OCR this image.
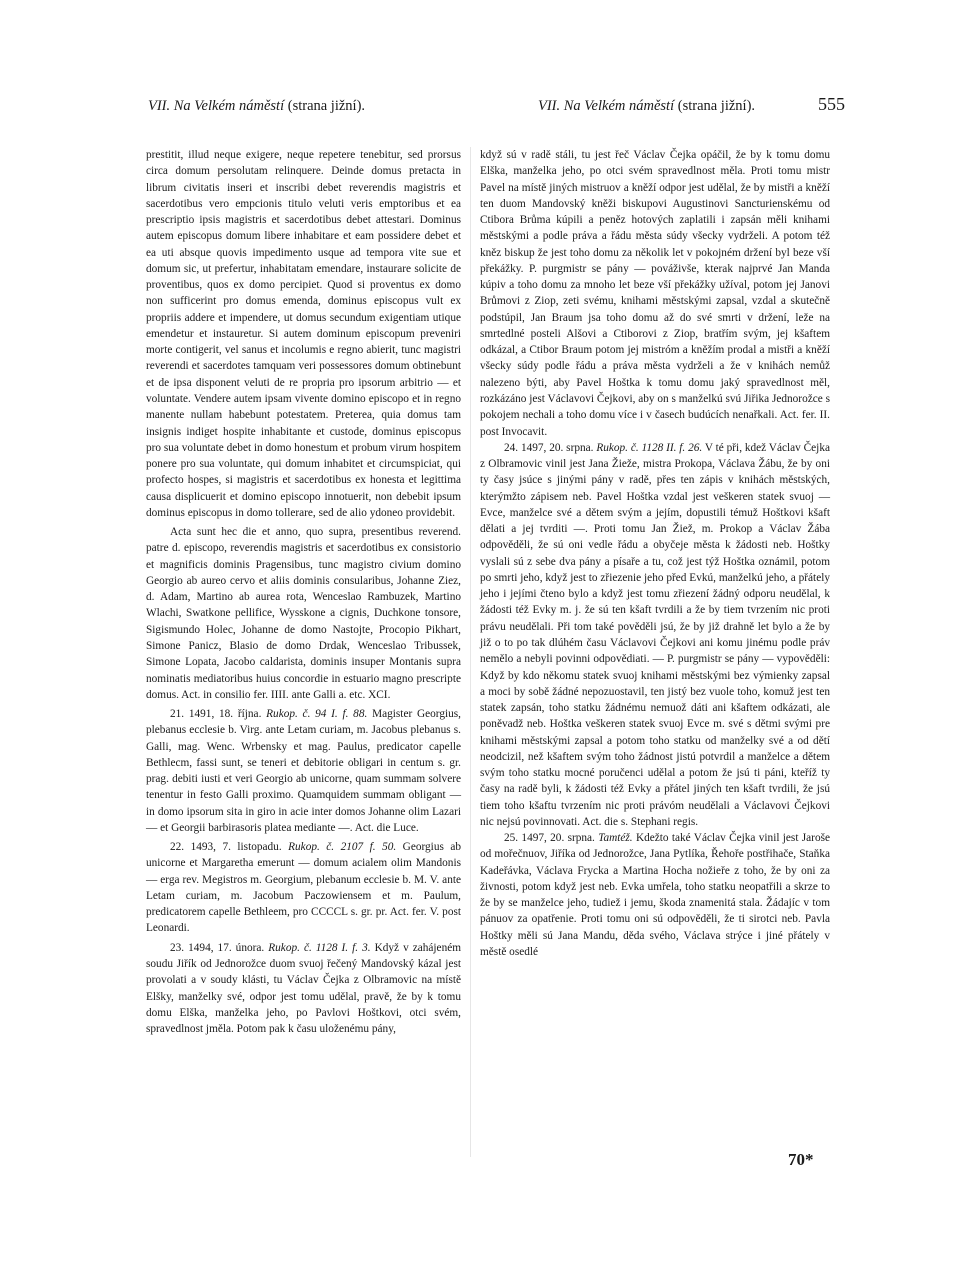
VII. Na Velkém náměstí (strana jižní).	VII. Na Velkém náměstí (strana jižní).	555

prestitit, illud neque exigere, neque repetere tenebitur, sed prorsus circa domum persolutam relinquere. Deinde domus pretacta in librum civitatis inseri et inscribi debet reverendis magistris et sacerdotibus vero empcionis titulo veluti veris emptoribus et ea prescriptio ipsis magistris et sacerdotibus debet attestari. Dominus autem episcopus domum libere inhabitare et eam possidere debet et ea uti absque quovis impedimento usque ad tempora vite sue et domum sic, ut prefertur, inhabitatam emendare, instaurare solicite de proventibus, quos ex domo percipiet. Quod si proventus ex domo non sufficerint pro domus emenda, dominus episcopus vult ex propriis addere et impendere, ut domus secundum exigentiam utique emendetur et instauretur. Si autem dominum episcopum preveniri morte contigerit, vel sanus et incolumis e regno abierit, tunc magistri reverendi et sacerdotes tamquam veri possessores domum obtinebunt et de ipsa disponent veluti de re propria pro ipsorum arbitrio — et voluntate. Vendere autem ipsam vivente domino episcopo et in regno manente nullam habebunt potestatem. Preterea, quia domus tam insignis indiget hospite inhabitante et custode, dominus episcopus pro sua voluntate debet in domo honestum et probum virum hospitem ponere pro sua voluntate, qui domum inhabitet et circumspiciat, qui profecto hospes, si magistris et sacerdotibus ex honesta et legittima causa displicuerit et domino episcopo innotuerit, non debebit ipsum dominus episcopus in domo tollerare, sed de alio ydoneo providebit.

Acta sunt hec die et anno, quo supra, presentibus reverend. patre d. episcopo, reverendis magistris et sacerdotibus ex consistorio et magnificis dominis Pragensibus, tunc magistro civium domino Georgio ab aureo cervo et aliis dominis consularibus, Johanne Ziez, d. Adam, Martino ab aurea rota, Wenceslao Rambuzek, Martino Wlachi, Swatkone pellifice, Wysskone a cignis, Duchkone tonsore, Sigismundo Holec, Johanne de domo Nastojte, Procopio Pikhart, Simone Panicz, Blasio de domo Drdak, Wenceslao Tribussek, Simone Lopata, Jacobo caldarista, dominis insuper Montanis supra nominatis mediatoribus huius concordie in estuario magno prescripte domus. Act. in consilio fer. IIII. ante Galli a. etc. XCI.

21. 1491, 18. října. Rukop. č. 94 I. f. 88. Magister Georgius, plebanus ecclesie b. Virg. ante Letam curiam, m. Jacobus plebanus s. Galli, mag. Wenc. Wrbensky et mag. Paulus, predicator capelle Bethlecm, fassi sunt, se teneri et debitorie obligari in centum s. gr. prag. debiti iusti et veri Georgio ab unicorne, quam summam solvere tenentur in festo Galli proximo. Quamquidem summam obligant — in domo ipsorum sita in giro in acie inter domos Johanne olim Lazari — et Georgii barbirasoris platea mediante —. Act. die Luce.

22. 1493, 7. listopadu. Rukop. č. 2107 f. 50. Georgius ab unicorne et Margaretha emerunt — domum acialem olim Mandonis — erga rev. Megistros m. Georgium, plebanum ecclesie b. M. V. ante Letam curiam, m. Jacobum Paczowiensem et m. Paulum, predicatorem capelle Bethleem, pro CCCCL s. gr. pr. Act. fer. V. post Leonardi.

23. 1494, 17. února. Rukop. č. 1128 I. f. 3. Když v zahájeném soudu Jiřík od Jednorožce duom svuoj řečený Mandovský kázal jest provolati a v soudy klásti, tu Václav Čejka z Olbramovic na místě Elšky, manželky své, odpor jest tomu udělal, pravě, že by k tomu domu Elška, manželka jeho, po Pavlovi Hoštkovi, otci svém, spravedlnost jměla. Potom pak k času uloženému pány,

když sú v radě stáli, tu jest řeč Václav Čejka opáčil, že by k tomu domu Elška, manželka jeho, po otci svém spravedlnost měla. Proti tomu mistr Pavel na místě jiných mistruov a kněží odpor jest udělal, že by mistři a kněží ten duom Mandovský kněži biskupovi Augustinovi Sancturienskému od Ctibora Brůma kúpili a peněz hotových zaplatili i zapsán měli knihami městskými a podle práva a řádu města súdy všecky vydrželi. A potom též kněz biskup že jest toho domu za několik let v pokojném držení byl beze vší překážky. P. purgmistr se pány — pováživše, kterak najprvé Jan Manda kúpiv a toho domu za mnoho let beze vší překážky užíval, potom jej Janovi Brůmovi z Ziop, zeti svému, knihami městskými zapsal, vzdal a skutečně podstúpil, Jan Braum jsa toho domu až do své smrti v držení, leže na smrtedlné posteli Alšovi a Ctiborovi z Ziop, bratřím svým, jej kšaftem odkázal, a Ctibor Braum potom jej mistróm a kněžím prodal a mistři a kněží všecky súdy podle řádu a práva města vydrželi a že v knihách nemůž nalezeno býti, aby Pavel Hoštka k tomu domu jaký spravedlnost měl, rozkázáno jest Václavovi Čejkovi, aby on s manželkú svú Jiřika Jednorožce s pokojem nechali a toho domu více i v časech budúcích nenařkali. Act. fer. II. post Invocavit.

24. 1497, 20. srpna. Rukop. č. 1128 II. f. 26. V té při, kdež Václav Čejka z Olbramovic vinil jest Jana Žieže, mistra Prokopa, Václava Žábu, že by oni ty časy jsúce s jinými pány v radě, přes ten zápis v knihách městských, kterýmžto zápisem neb. Pavel Hoštka vzdal jest veškeren statek svuoj — Evce, manželce své a dětem svým a jejím, dopustili témuž Hoštkovi kšaft dělati a jej tvrditi —. Proti tomu Jan Žiež, m. Prokop a Václav Žába odpověděli, že sú oni vedle řádu a obyčeje města k žádosti neb. Hoštky vyslali sú z sebe dva pány a písaře a tu, což jest týž Hoštka oznámil, potom po smrti jeho, když jest to zřiezenie jeho před Evkú, manželkú jeho, a přátely jeho i jejími čteno bylo a když jest tomu zřiezení žádný odporu neudělal, k žádosti též Evky m. j. že sú ten kšaft tvrdili a že by tiem tvrzením nic proti právu neudělali. Při tom také pověděli jsú, že by již drahně let bylo a že by již o to po tak dlúhém času Václavovi Čejkovi ani komu jinému podle práv nemělo a nebyli povinni odpovědiati. — P. purgmistr se pány — vypověděli: Když by kdo někomu statek svuoj knihami městskými bez výmienky zapsal a moci by sobě žádné nepozuostavil, ten jistý bez vuole toho, komuž jest ten statek zapsán, toho statku žádnému nemuož dáti ani kšaftem odkázati, ale poněvadž neb. Hoštka veškeren statek svuoj Evce m. své s dětmi svými pre knihami městskými zapsal a potom toho statku od manželky své a od dětí neodcizil, než kšaftem svým toho žádnost jistú potvrdil a manželce a dětem svým toho statku mocné poručenci udělal a potom že jsú ti páni, kteříž ty časy na radě byli, k žádosti též Evky a přátel jiných ten kšaft tvrdili, že jsú tiem toho kšaftu tvrzením nic proti právóm neudělali a Václavovi Čejkovi nic nejsú povinnovati. Act. die s. Stephani regis.

25. 1497, 20. srpna. Tamtéž. Kdežto také Václav Čejka vinil jest Jaroše od mořečnuov, Jiříka od Jednorožce, Jana Pytlíka, Řehoře postřihače, Staňka Kadeřávka, Václava Frycka a Martina Hocha nožieře z toho, že by oni za živnosti, potom když jest neb. Evka umřela, toho statku neopatřili a skrze to že by se manželce jeho, tudiež i jemu, škoda znamenitá stala. Žádajíc v tom pánuov za opatřenie. Proti tomu oni sú odpověděli, že ti sirotci neb. Pavla Hoštky měli sú Jana Mandu, děda svého, Václava strýce i jiné přátely v městě osedlé

70*
